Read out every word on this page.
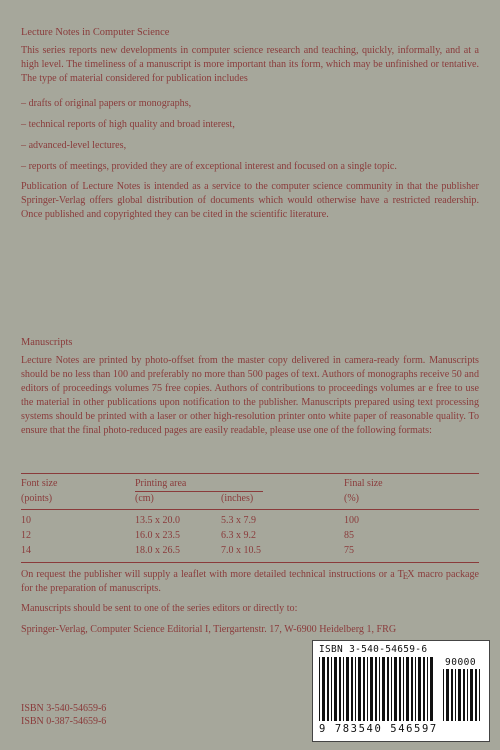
Lecture Notes in Computer Science

This series reports new developments in computer science research and teaching, quickly, informally, and at a high level. The timeliness of a manuscript is more important than its form, which may be unfinished or tentative. The type of material considered for publication includes

– drafts of original papers or monographs,

– technical reports of high quality and broad interest,

– advanced-level lectures,

– reports of meetings, provided they are of exceptional interest and focused on a single topic.

Publication of Lecture Notes is intended as a service to the computer science community in that the publisher Springer-Verlag offers global distribution of documents which would otherwise have a restricted readership. Once published and copyrighted they can be cited in the scientific literature.

Manuscripts

Lecture Notes are printed by photo-offset from the master copy delivered in camera-ready form. Manuscripts should be no less than 100 and preferably no more than 500 pages of text. Authors of monographs receive 50 and editors of proceedings volumes 75 free copies. Authors of contributions to proceedings volumes ar e free to use the material in other publications upon notification to the publisher. Manuscripts prepared using text processing systems should be printed with a laser or other high-resolution printer onto white paper of reasonable quality. To ensure that the final photo-reduced pages are easily readable, please use one of the following formats:

Font size	Printing area	Final size
(points)	(cm)	(inches)	(%)
10	13.5 x 20.0	5.3 x 7.9	100
12	16.0 x 23.5	6.3 x 9.2	85
14	18.0 x 26.5	7.0 x 10.5	75

On request the publisher will supply a leaflet with more detailed technical instructions or a TEX macro package for the preparation of manuscripts.

Manuscripts should be sent to one of the series editors or directly to:

Springer-Verlag, Computer Science Editorial I, Tiergartenstr. 17, W-6900 Heidelberg 1, FRG

ISBN 3-540-54659-6
ISBN 0-387-54659-6
ISBN 3-540-54659-6
90000
9 783540 546597
